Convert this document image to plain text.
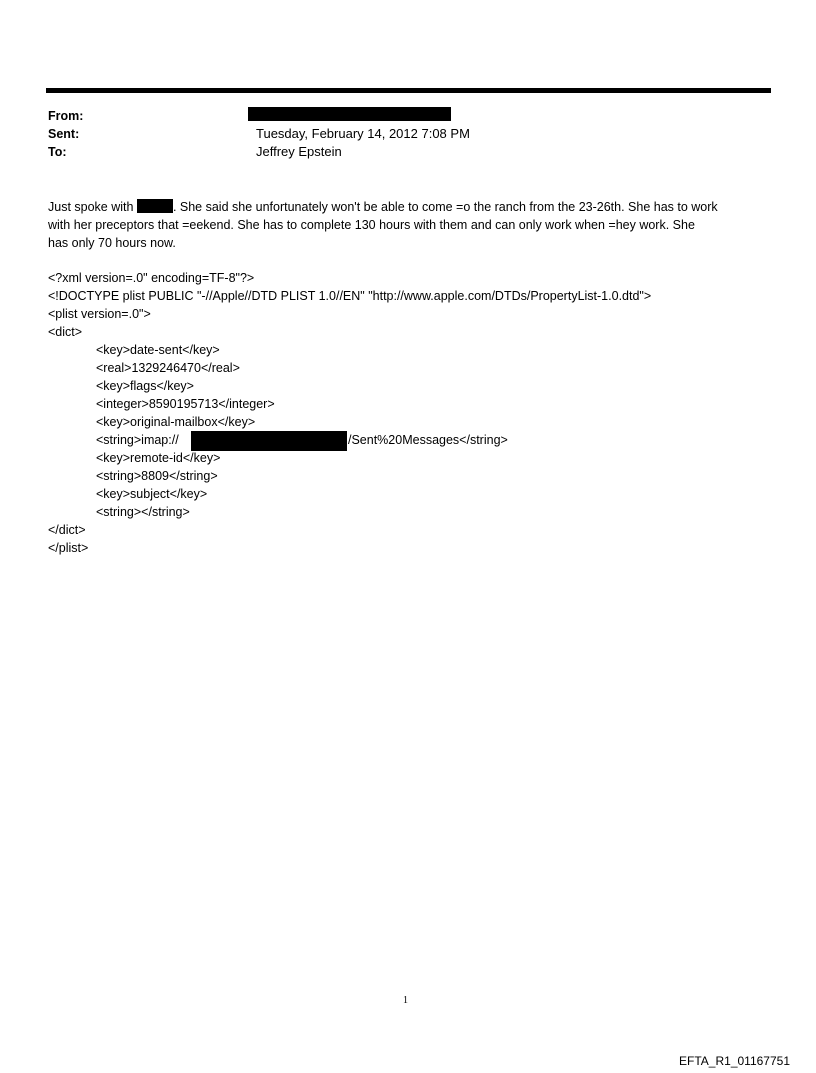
From:
Sent:	Tuesday, February 14, 2012 7:08 PM
To:	Jeffrey Epstein
Just spoke with	. She said she unfortunately won't be able to come =o the ranch from the 23-26th. She has to work
with her preceptors that =eekend. She has to complete 130 hours with them and can only work when =hey work. She
has only 70 hours now.
<?xml version=.0" encoding=TF-8"?>
<!DOCTYPE plist PUBLIC "-//Apple//DTD PLIST 1.0//EN" "http://www.apple.com/DTDs/PropertyList-1.0.dtd">
<plist version=.0">
<dict>
<key>date-sent</key>
<real>1329246470</real>
<key>flags</key>
<integer>8590195713</integer>
<key>original-mailbox</key>
<string>imap://	/Sent%20Messages</string>
<key>remote-id</key>
<string>8809</string>
<key>subject</key>
<string></string>
</dict>
</plist>
1
EFTA_R1_01167751
